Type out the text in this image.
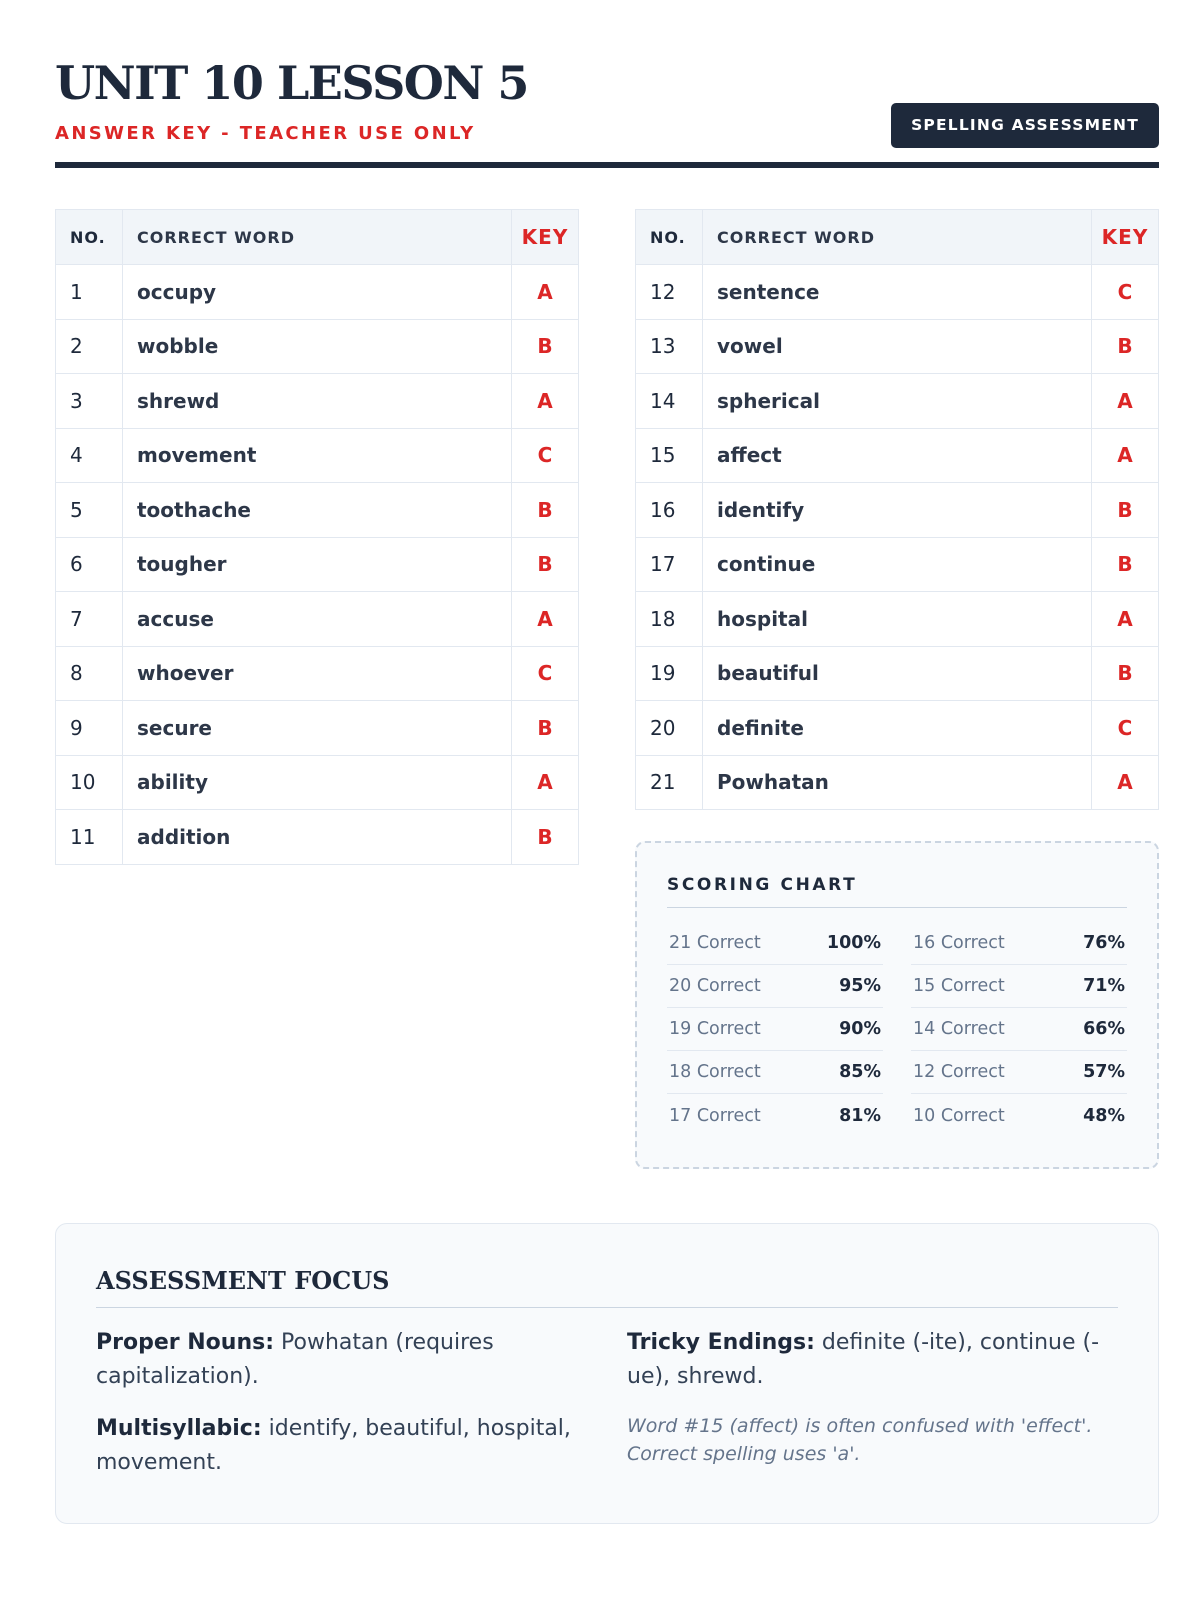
UNIT 10 LESSON 5
ANSWER KEY - TEACHER USE ONLY	SPELLING ASSESSMENT
NO.	CORRECT WORD	KEY
1	occupy	A
2	wobble	B
3	shrewd	A
4	movement	C
5	toothache	B
6	tougher	B
7	accuse	A
8	whoever	C
9	secure	B
10	ability	A
11	addition	B
NO.	CORRECT WORD	KEY
12	sentence	C
13	vowel	B
14	spherical	A
15	affect	A
16	identify	B
17	continue	B
18	hospital	A
19	beautiful	B
20	definite	C
21	Powhatan	A
SCORING CHART
21 Correct	100%
20 Correct	95%
19 Correct	90%
18 Correct	85%
17 Correct	81%
16 Correct	76%
15 Correct	71%
14 Correct	66%
12 Correct	57%
10 Correct	48%
ASSESSMENT FOCUS

Proper Nouns: Powhatan (requires capitalization).

Multisyllabic: identify, beautiful, hospital, movement.

Tricky Endings: definite (-ite), continue (-ue), shrewd.

Word #15 (affect) is often confused with 'effect'. Correct spelling uses 'a'.
